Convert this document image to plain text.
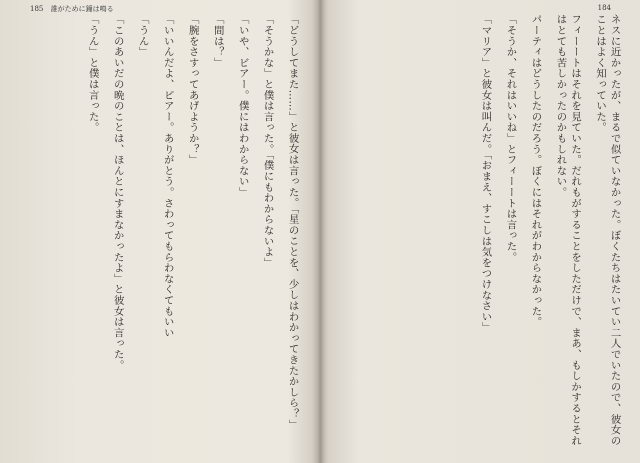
185 誰がために鐘は鳴る

「どうしてまた……」と彼女は言った。「星のことを、少しはわかってきたかしら？」

「そうかな」と僕は言った。「僕にもわからないよ」

「いや、ビアー。僕にはわからない」

「間は？」

「腕をさすってあげようか？」

「いいんだよ、ピアー。ありがとう。さわってもらわなくてもいい

「うん」

「このあいだの晩のことは、ほんとにすまなかったよ」と彼女は言った。

「うん」と僕は言った。

184

ネスに近かったが、まるで似ていなかった。ぼくたちはたいてい二人でいたので、彼女のことはよく知っていた。

フィーートはそれを見ていた。だれもがすることをしただけで、まあ、もしかするとそれはとても苦しかったのかもしれない。

パーティはどうしたのだろう。ぼくにはそれがわからなかった。

「そうか、それはいいね」とフィーートは言った。

「マリア」と彼女は叫んだ。「おまえ、すこしは気をつけなさい」
